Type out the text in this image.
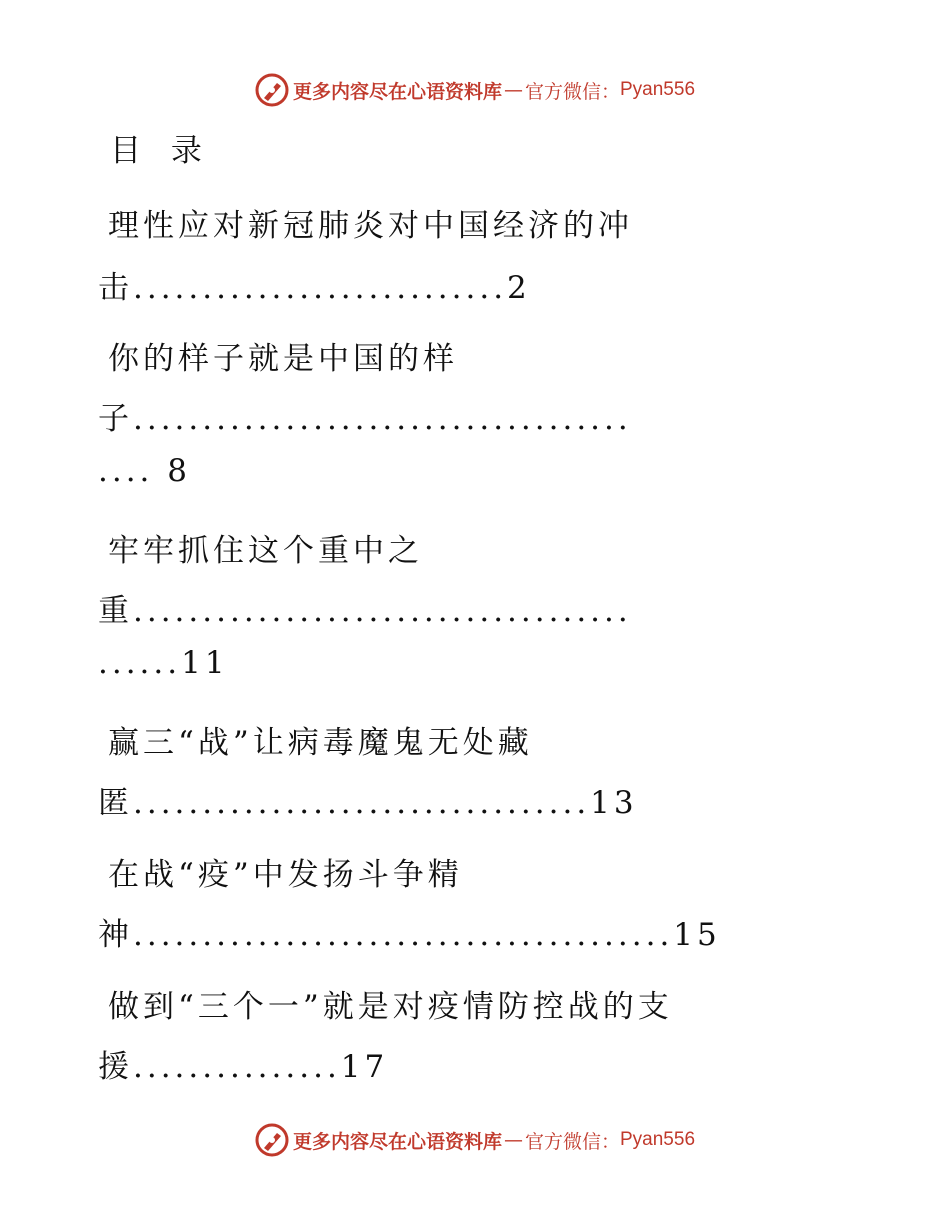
更多内容尽在心语资料库 — 官方微信： Pyan556
目 录
理性应对新冠肺炎对中国经济的冲
击...........................2
你的样子就是中国的样
子....................................
.... 8
牢牢抓住这个重中之
重....................................
......11
赢三“战”让病毒魔鬼无处藏
匿.................................13
在战“疫”中发扬斗争精
神.......................................15
做到“三个一”就是对疫情防控战的支
援...............17
更多内容尽在心语资料库 — 官方微信： Pyan556
